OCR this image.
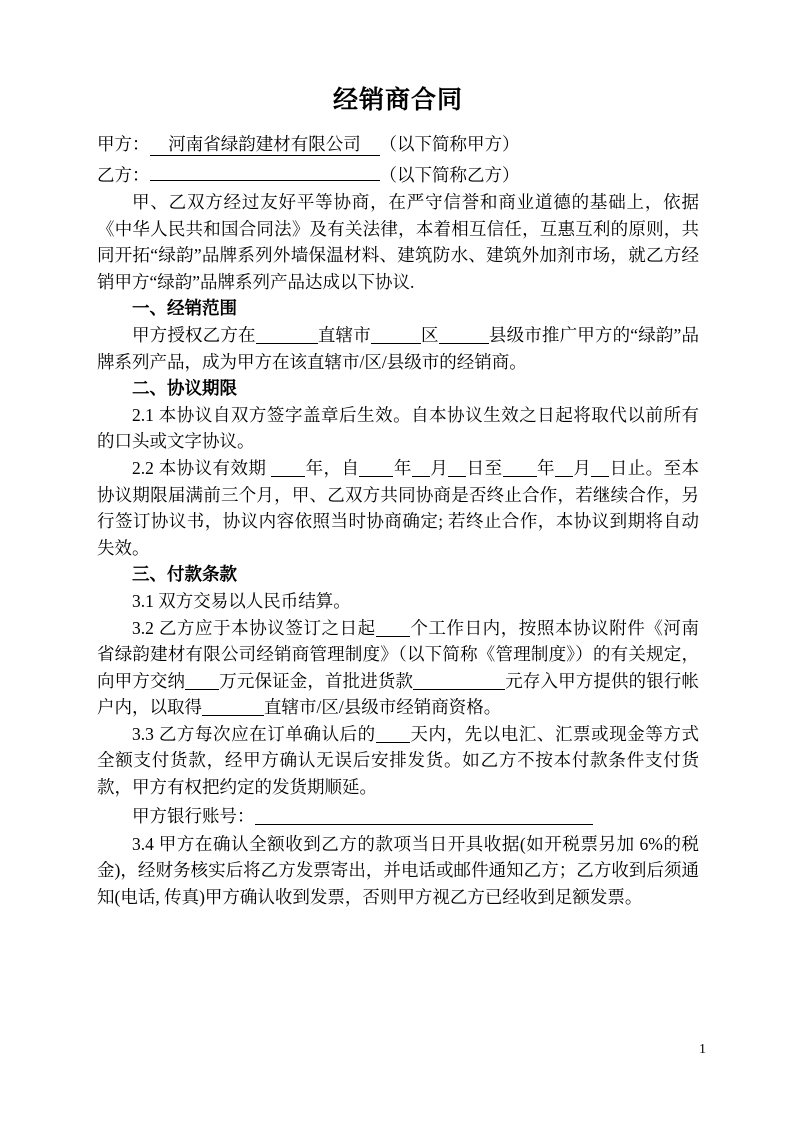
经销商合同

甲方： 河南省绿韵建材有限公司 （以下简称甲方）

乙方：	（以下简称乙方）

甲、乙双方经过友好平等协商，在严守信誉和商业道德的基础上，依据《中华人民共和国合同法》及有关法律，本着相互信任，互惠互利的原则，共同开拓“绿韵”品牌系列外墙保温材料、建筑防水、建筑外加剂市场，就乙方经销甲方“绿韵”品牌系列产品达成以下协议.

一、经销范围

甲方授权乙方在	直辖市	区	县级市推广甲方的“绿韵”品牌系列产品，成为甲方在该直辖市/区/县级市的经销商。

二、协议期限

2.1 本协议自双方签字盖章后生效。自本协议生效之日起将取代以前所有的口头或文字协议。

2.2 本协议有效期 年，自 年 月 日至 年 月 日止。至本协议期限届满前三个月，甲、乙双方共同协商是否终止合作，若继续合作，另行签订协议书，协议内容依照当时协商确定; 若终止合作，本协议到期将自动失效。

三、付款条款

3.1 双方交易以人民币结算。

3.2 乙方应于本协议签订之日起 个工作日内，按照本协议附件《河南省绿韵建材有限公司经销商管理制度》（以下简称《管理制度》）的有关规定，向甲方交纳 万元保证金，首批进货款	元存入甲方提供的银行帐户内，以取得	直辖市/区/县级市经销商资格。

3.3 乙方每次应在订单确认后的 天内，先以电汇、汇票或现金等方式全额支付货款，经甲方确认无误后安排发货。如乙方不按本付款条件支付货款，甲方有权把约定的发货期顺延。

甲方银行账号：

3.4 甲方在确认全额收到乙方的款项当日开具收据(如开税票另加 6%的税金)，经财务核实后将乙方发票寄出，并电话或邮件通知乙方；乙方收到后须通知(电话, 传真)甲方确认收到发票，否则甲方视乙方已经收到足额发票。

1
